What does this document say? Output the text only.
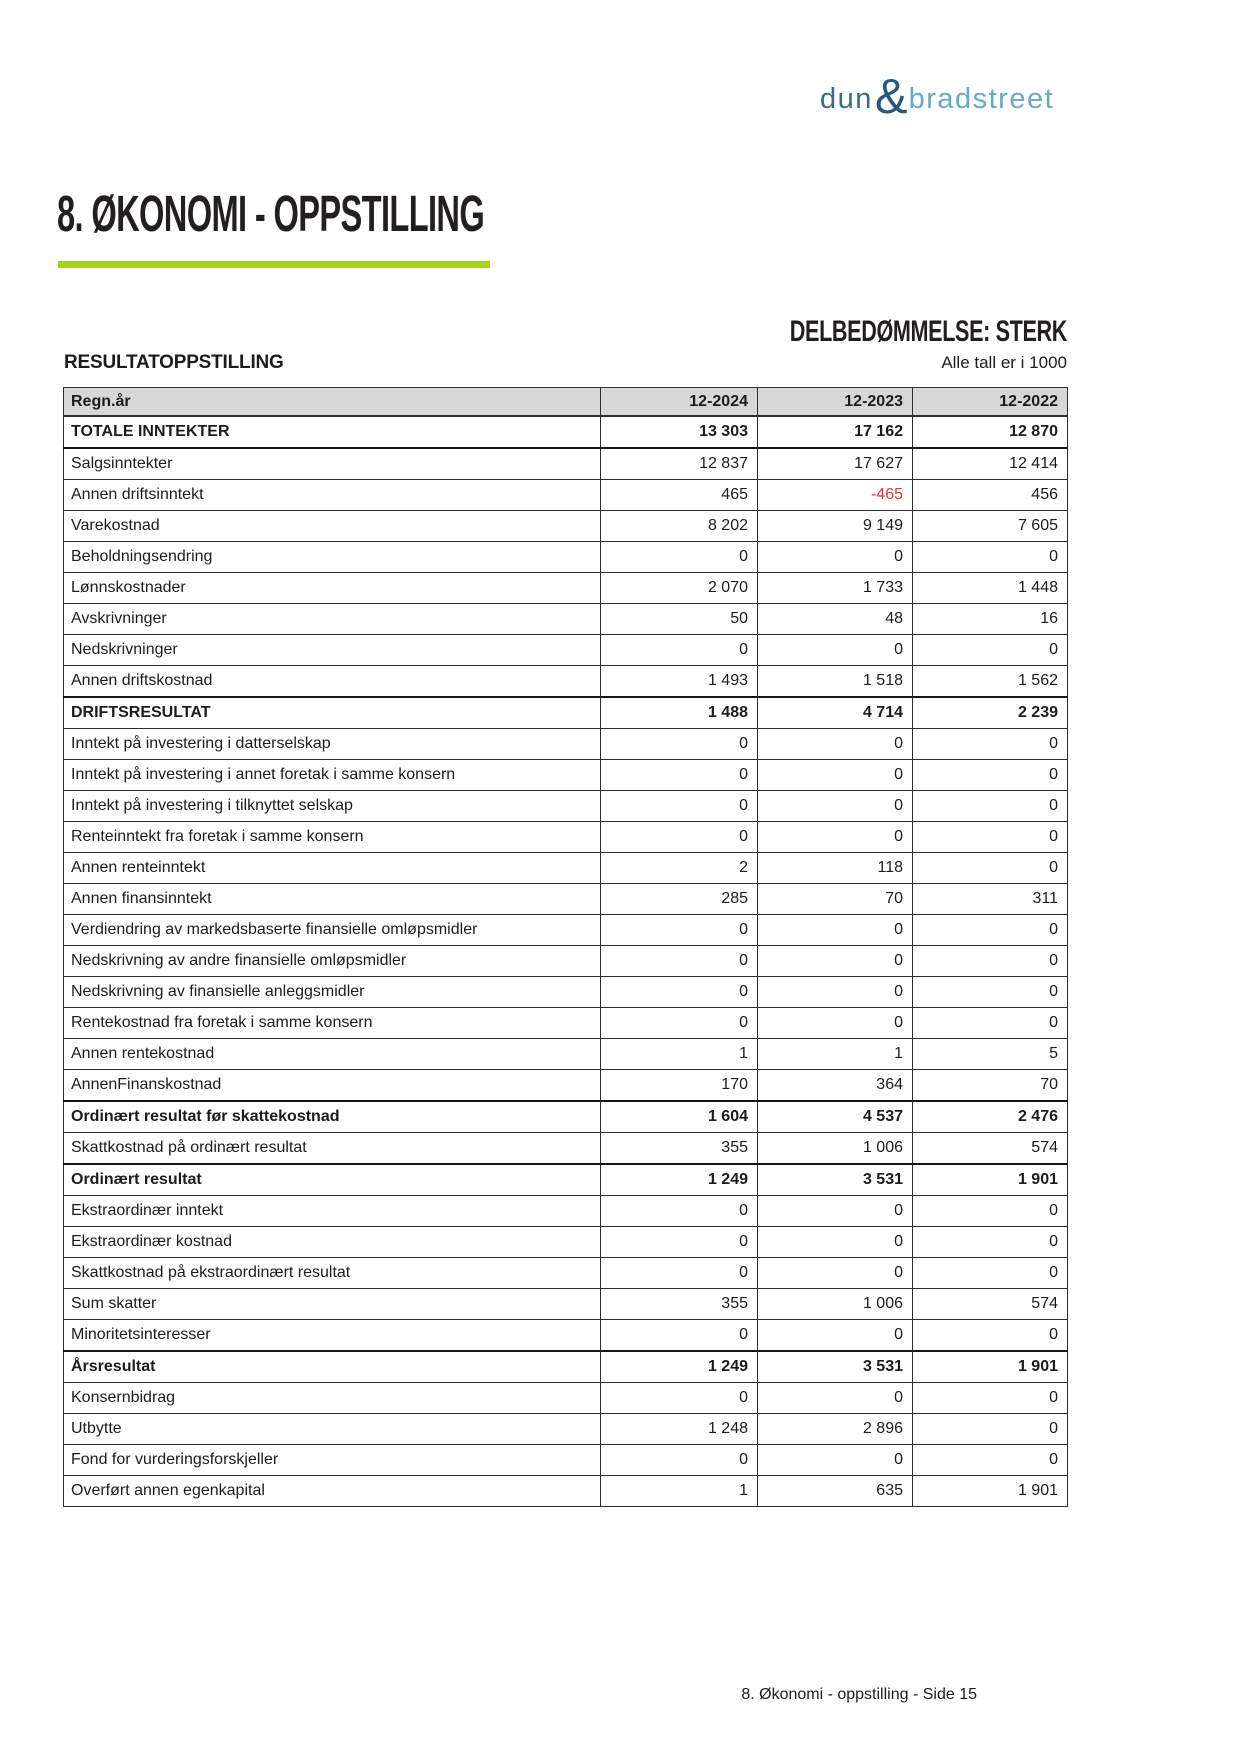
dun & bradstreet
8. ØKONOMI - OPPSTILLING
DELBEDØMMELSE: STERK
Alle tall er i 1000
RESULTATOPPSTILLING
Regn.år	12-2024	12-2023	12-2022
TOTALE INNTEKTER	13 303	17 162	12 870
Salgsinntekter	12 837	17 627	12 414
Annen driftsinntekt	465	-465	456
Varekostnad	8 202	9 149	7 605
Beholdningsendring	0	0	0
Lønnskostnader	2 070	1 733	1 448
Avskrivninger	50	48	16
Nedskrivninger	0	0	0
Annen driftskostnad	1 493	1 518	1 562
DRIFTSRESULTAT	1 488	4 714	2 239
Inntekt på investering i datterselskap	0	0	0
Inntekt på investering i annet foretak i samme konsern	0	0	0
Inntekt på investering i tilknyttet selskap	0	0	0
Renteinntekt fra foretak i samme konsern	0	0	0
Annen renteinntekt	2	118	0
Annen finansinntekt	285	70	311
Verdiendring av markedsbaserte finansielle omløpsmidler	0	0	0
Nedskrivning av andre finansielle omløpsmidler	0	0	0
Nedskrivning av finansielle anleggsmidler	0	0	0
Rentekostnad fra foretak i samme konsern	0	0	0
Annen rentekostnad	1	1	5
AnnenFinanskostnad	170	364	70
Ordinært resultat før skattekostnad	1 604	4 537	2 476
Skattkostnad på ordinært resultat	355	1 006	574
Ordinært resultat	1 249	3 531	1 901
Ekstraordinær inntekt	0	0	0
Ekstraordinær kostnad	0	0	0
Skattkostnad på ekstraordinært resultat	0	0	0
Sum skatter	355	1 006	574
Minoritetsinteresser	0	0	0
Årsresultat	1 249	3 531	1 901
Konsernbidrag	0	0	0
Utbytte	1 248	2 896	0
Fond for vurderingsforskjeller	0	0	0
Overført annen egenkapital	1	635	1 901
8. Økonomi - oppstilling - Side 15
